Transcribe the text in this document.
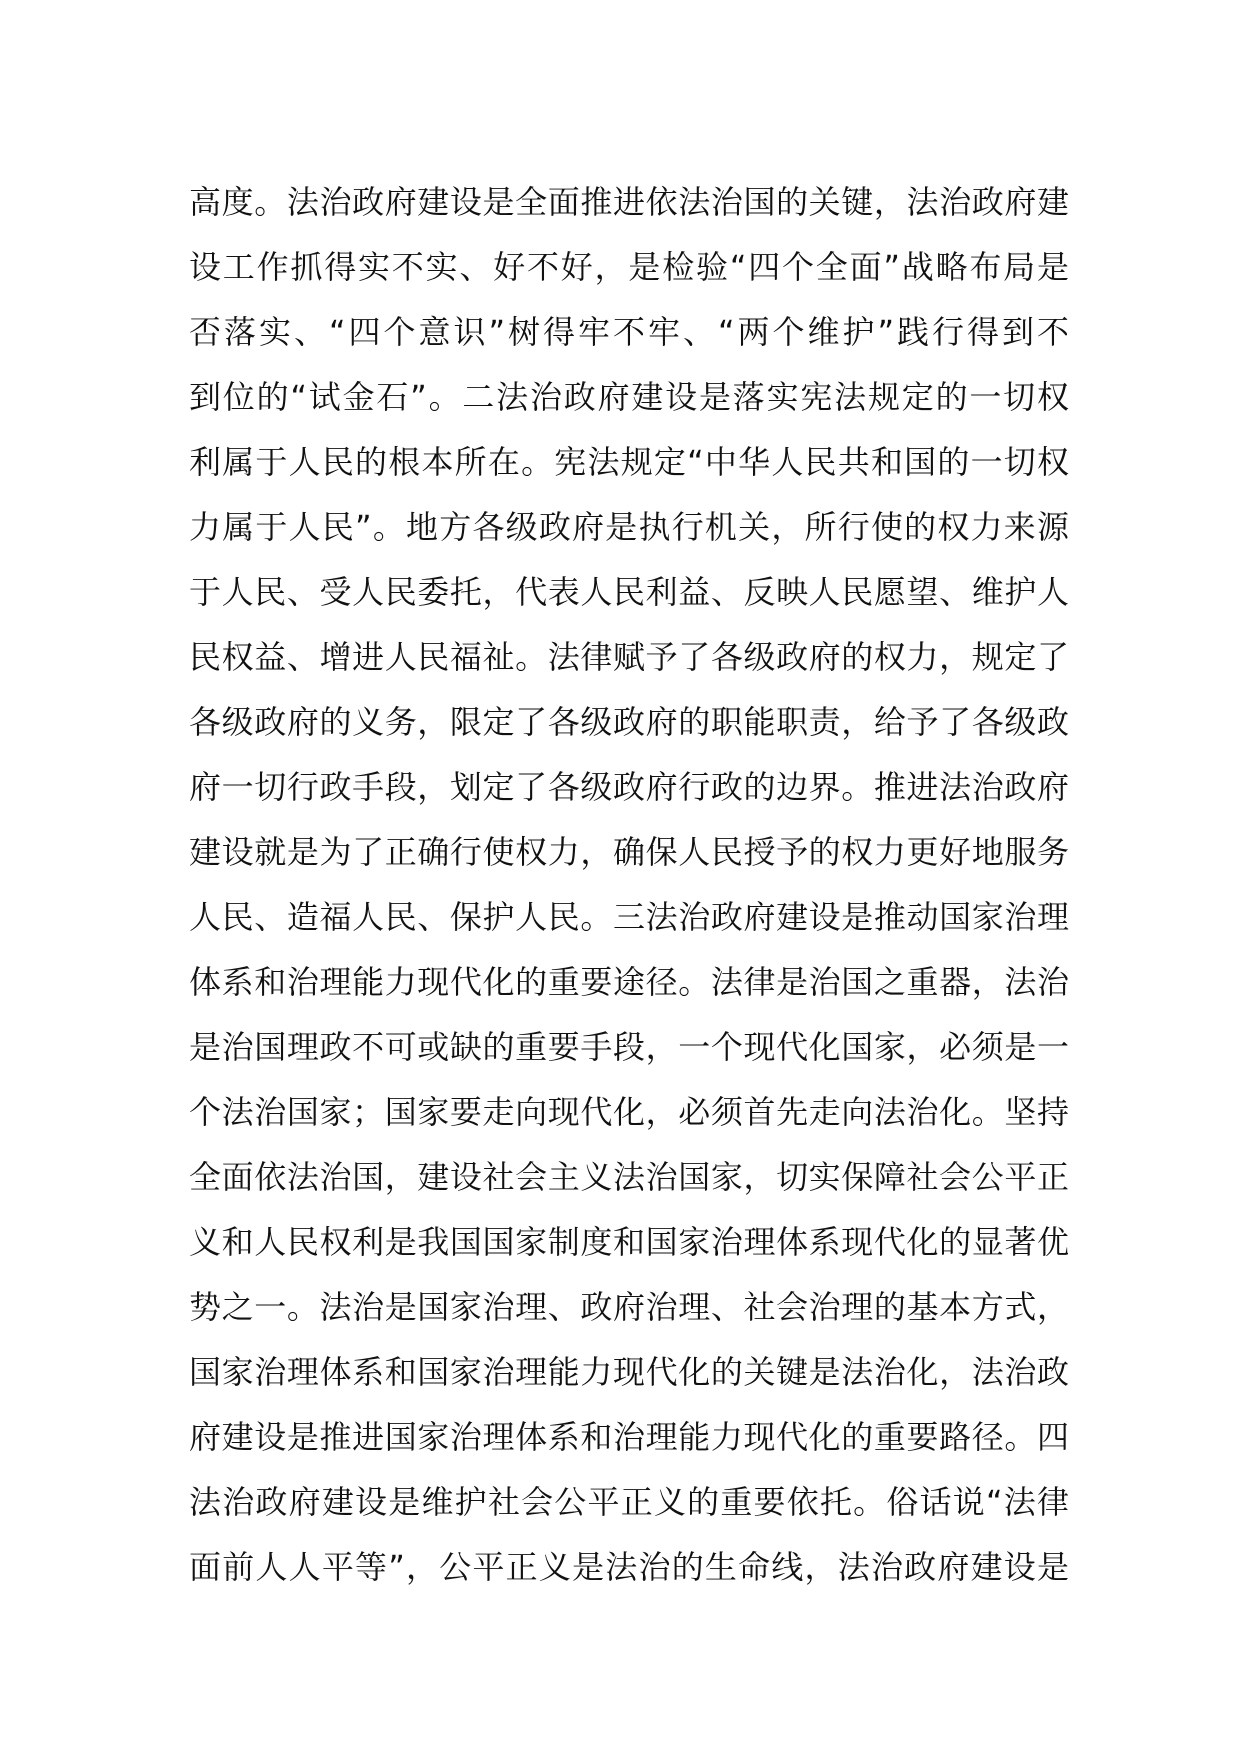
高度。法治政府建设是全面推进依法治国的关键，法治政府建
设工作抓得实不实、好不好，是检验“四个全面”战略布局是
否落实、“四个意识”树得牢不牢、“两个维护”践行得到不
到位的“试金石”。二法治政府建设是落实宪法规定的一切权
利属于人民的根本所在。宪法规定“中华人民共和国的一切权
力属于人民”。地方各级政府是执行机关，所行使的权力来源
于人民、受人民委托，代表人民利益、反映人民愿望、维护人
民权益、增进人民福祉。法律赋予了各级政府的权力，规定了
各级政府的义务，限定了各级政府的职能职责，给予了各级政
府一切行政手段，划定了各级政府行政的边界。推进法治政府
建设就是为了正确行使权力，确保人民授予的权力更好地服务
人民、造福人民、保护人民。三法治政府建设是推动国家治理
体系和治理能力现代化的重要途径。法律是治国之重器，法治
是治国理政不可或缺的重要手段，一个现代化国家，必须是一
个法治国家；国家要走向现代化，必须首先走向法治化。坚持
全面依法治国，建设社会主义法治国家，切实保障社会公平正
义和人民权利是我国国家制度和国家治理体系现代化的显著优
势之一。法治是国家治理、政府治理、社会治理的基本方式，
国家治理体系和国家治理能力现代化的关键是法治化，法治政
府建设是推进国家治理体系和治理能力现代化的重要路径。四
法治政府建设是维护社会公平正义的重要依托。俗话说“法律
面前人人平等”，公平正义是法治的生命线，法治政府建设是
